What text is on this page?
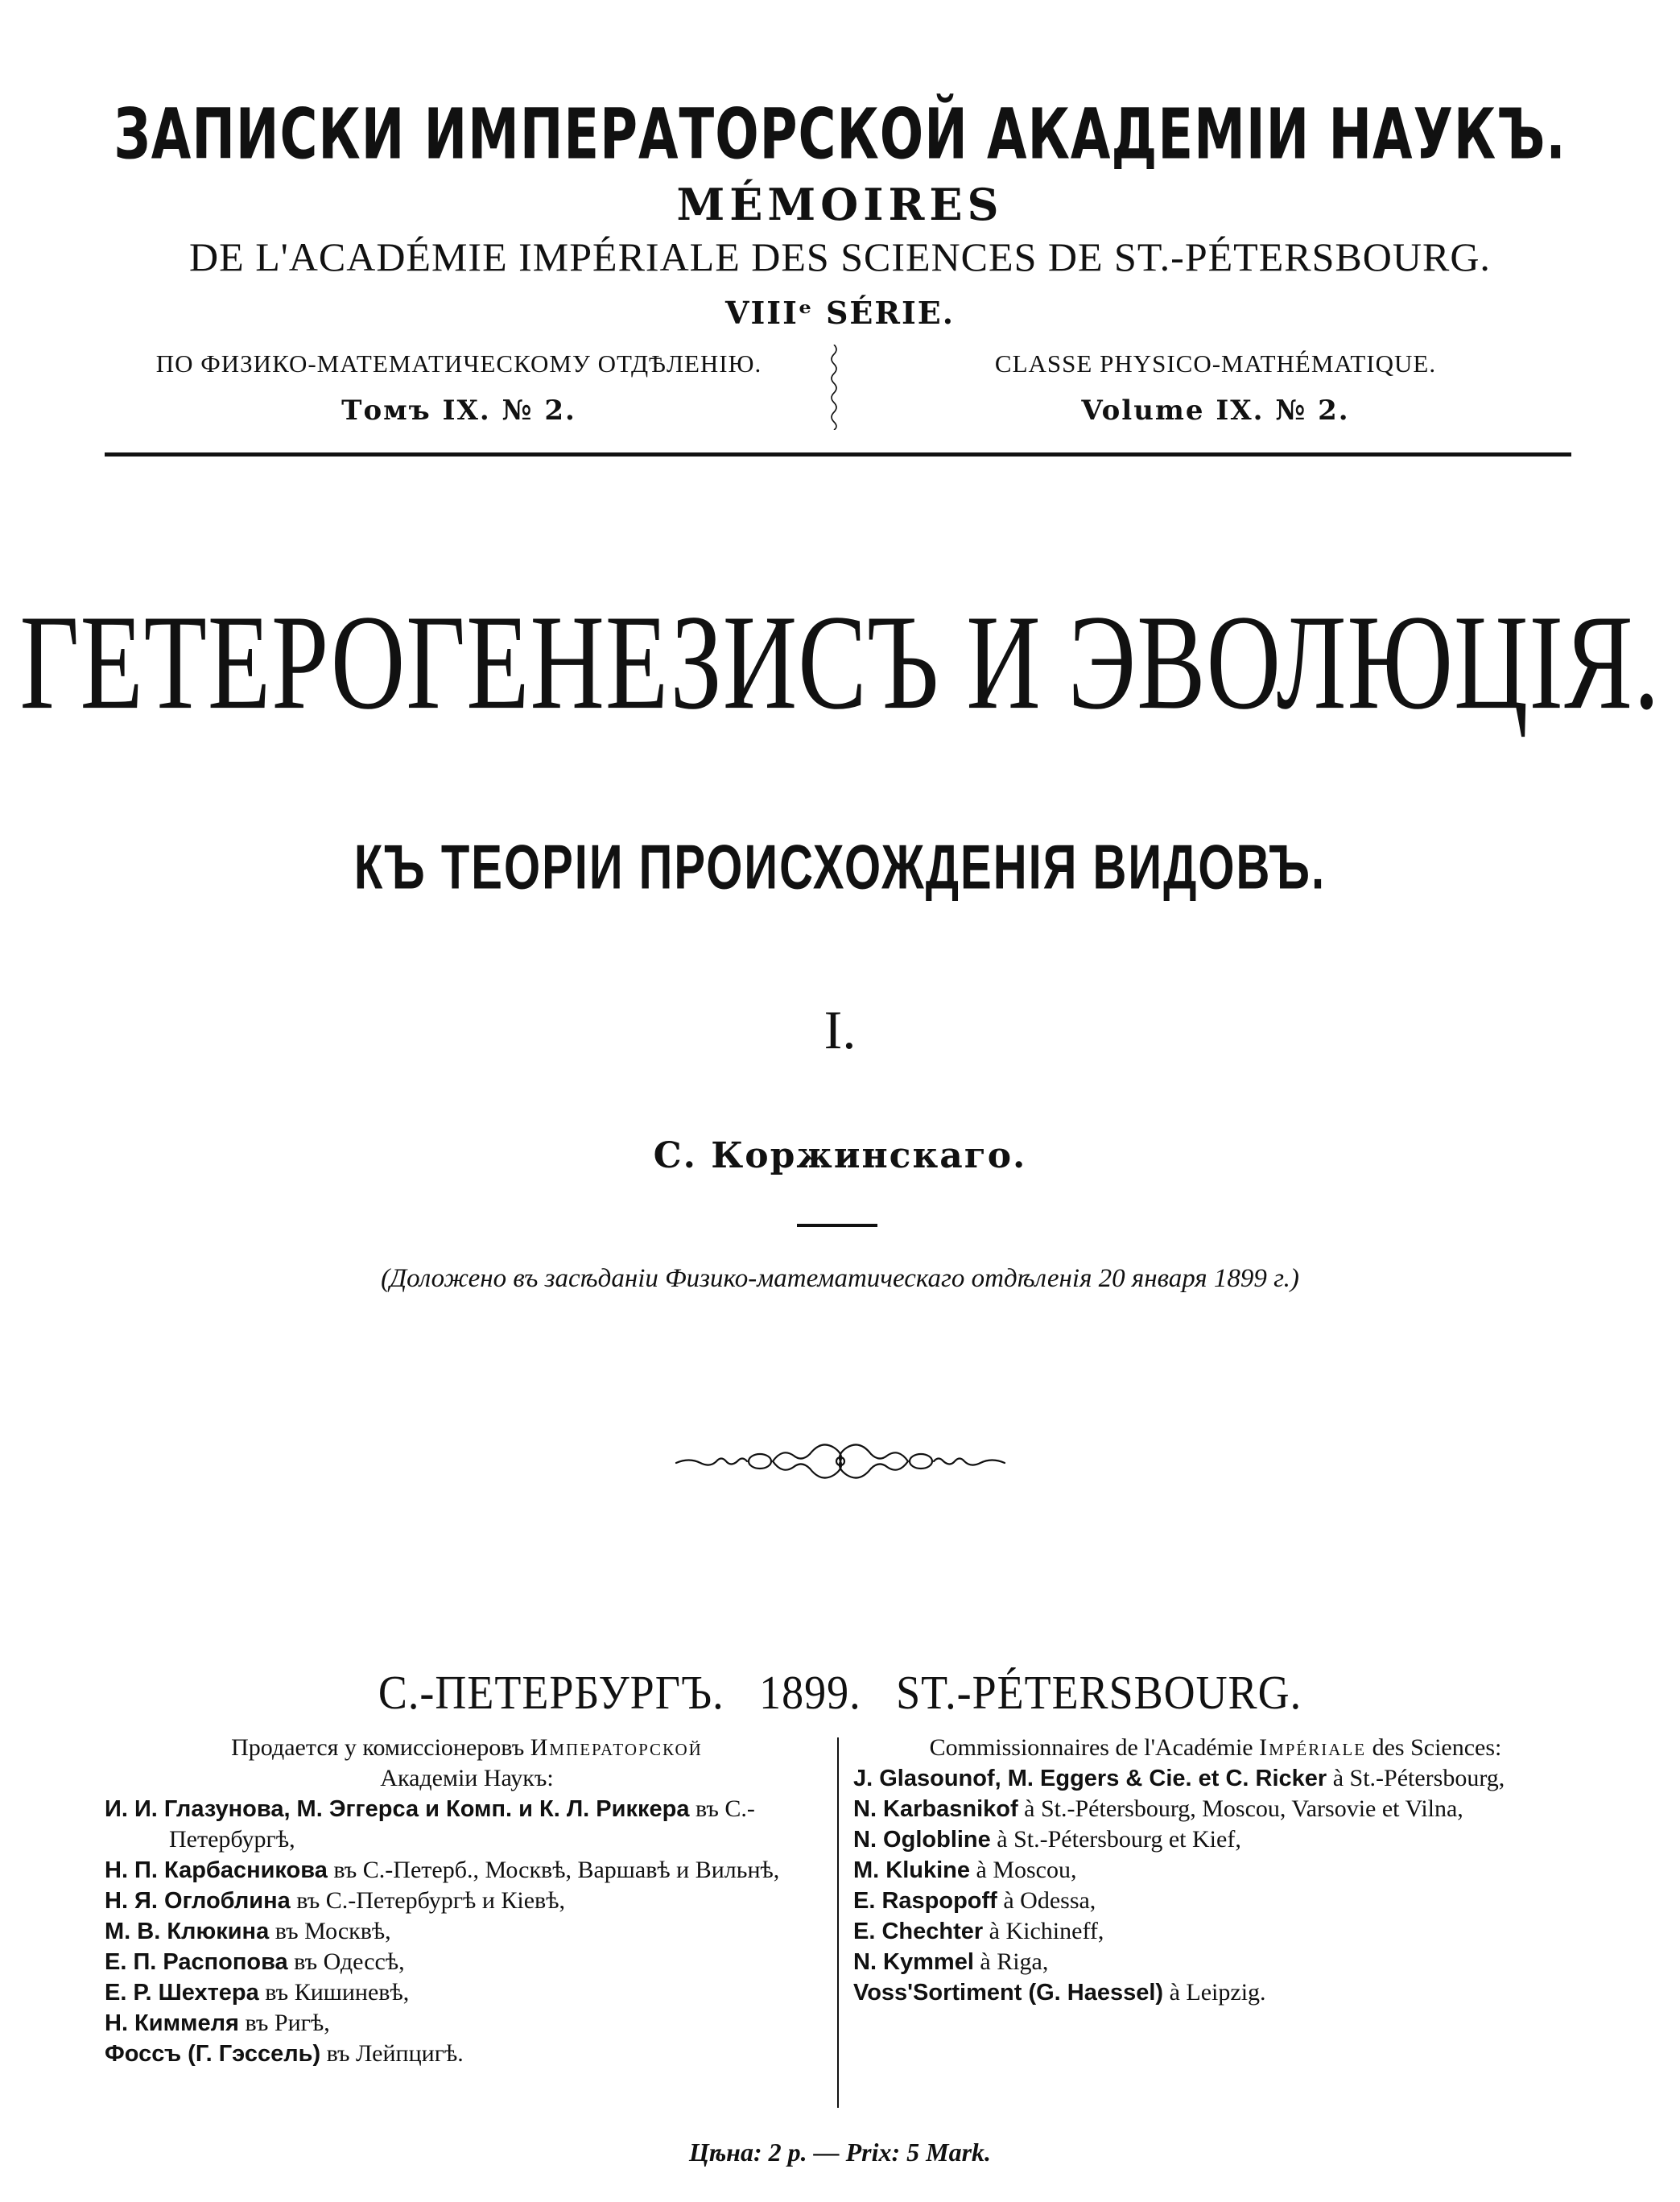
ЗАПИСКИ ИМПЕРАТОРСКОЙ АКАДЕМІИ НАУКЪ.
MÉMOIRES
DE L'ACADÉMIE IMPÉRIALE DES SCIENCES DE ST.-PÉTERSBOURG.
VIIIᵉ SÉRIE.
ПО ФИЗИКО-МАТЕМАТИЧЕСКОМУ ОТДѢЛЕНІЮ.
Томъ IX. № 2.
CLASSE PHYSICO-MATHÉMATIQUE.
Volume IX. № 2.
ГЕТЕРОГЕНЕЗИСЪ И ЭВОЛЮЦІЯ.
КЪ ТЕОРІИ ПРОИСХОЖДЕНІЯ ВИДОВЪ.
I.
С. Коржинскаго.
(Доложено въ засѣданіи Физико-математическаго отдѣленія 20 января 1899 г.)
С.-ПЕТЕРБУРГЪ. 1899. ST.-PÉTERSBOURG.
Продается у комиссіонеровъ Императорской
Академіи Наукъ:
И. И. Глазунова, М. Эггерса и Комп. и К. Л. Риккера въ С.-Петербургѣ,
Н. П. Карбасникова въ С.-Петерб., Москвѣ, Варшавѣ и Вильнѣ,
Н. Я. Оглоблина въ С.-Петербургѣ и Кіевѣ,
М. В. Клюкина въ Москвѣ,
Е. П. Распопова въ Одессѣ,
Е. Р. Шехтера въ Кишиневѣ,
Н. Киммеля въ Ригѣ,
Фоссъ (Г. Гэссель) въ Лейпцигѣ.
Commissionnaires de l'Académie Impériale des Sciences:
J. Glasounof, M. Eggers & Cie. et C. Ricker à St.-Pétersbourg,
N. Karbasnikof à St.-Pétersbourg, Moscou, Varsovie et Vilna,
N. Oglobline à St.-Pétersbourg et Kief,
M. Klukine à Moscou,
E. Raspopoff à Odessa,
E. Chechter à Kichineff,
N. Kymmel à Riga,
Voss'Sortiment (G. Haessel) à Leipzig.
Цѣна: 2 р. — Prix: 5 Mark.
